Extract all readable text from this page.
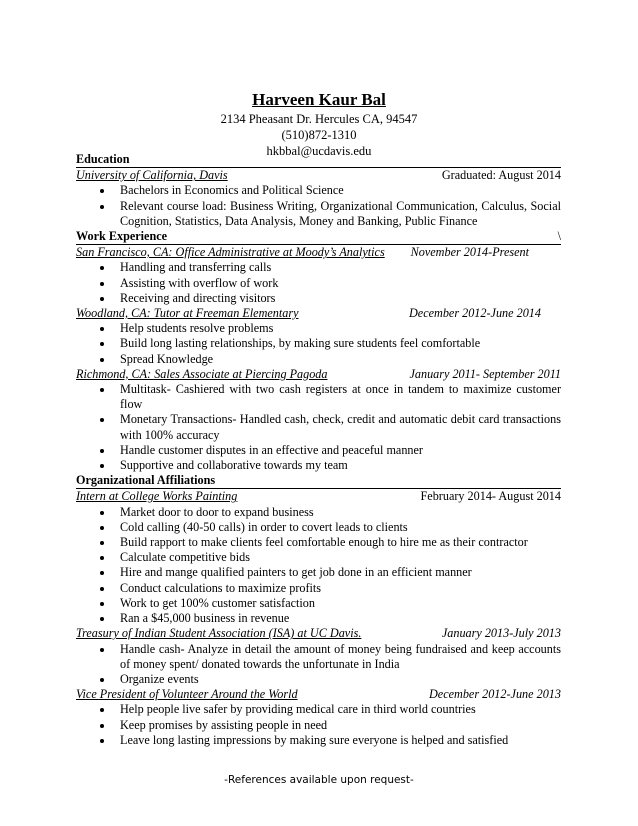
Harveen Kaur Bal
2134 Pheasant Dr. Hercules CA, 94547
(510)872-1310
hkbbal@ucdavis.edu
Education
University of California, Davis	Graduated: August 2014
• Bachelors in Economics and Political Science
• Relevant course load: Business Writing, Organizational Communication, Calculus, Social Cognition, Statistics, Data Analysis, Money and Banking, Public Finance
Work Experience	\
San Francisco, CA: Office Administrative at Moody’s Analytics November 2014-Present
• Handling and transferring calls
• Assisting with overflow of work
• Receiving and directing visitors
Woodland, CA: Tutor at Freeman Elementary	December 2012-June 2014
• Help students resolve problems
• Build long lasting relationships, by making sure students feel comfortable
• Spread Knowledge
Richmond, CA: Sales Associate at Piercing Pagoda	January 2011- September 2011
• Multitask- Cashiered with two cash registers at once in tandem to maximize customer flow
• Monetary Transactions- Handled cash, check, credit and automatic debit card transactions with 100% accuracy
• Handle customer disputes in an effective and peaceful manner
• Supportive and collaborative towards my team
Organizational Affiliations
Intern at College Works Painting	February 2014- August 2014
• Market door to door to expand business
• Cold calling (40-50 calls) in order to covert leads to clients
• Build rapport to make clients feel comfortable enough to hire me as their contractor
• Calculate competitive bids
• Hire and mange qualified painters to get job done in an efficient manner
• Conduct calculations to maximize profits
• Work to get 100% customer satisfaction
• Ran a $45,000 business in revenue
Treasury of Indian Student Association (ISA) at UC Davis.	January 2013-July 2013
• Handle cash- Analyze in detail the amount of money being fundraised and keep accounts of money spent/ donated towards the unfortunate in India
• Organize events
Vice President of Volunteer Around the World	December 2012-June 2013
• Help people live safer by providing medical care in third world countries
• Keep promises by assisting people in need
• Leave long lasting impressions by making sure everyone is helped and satisfied
-References available upon request-
